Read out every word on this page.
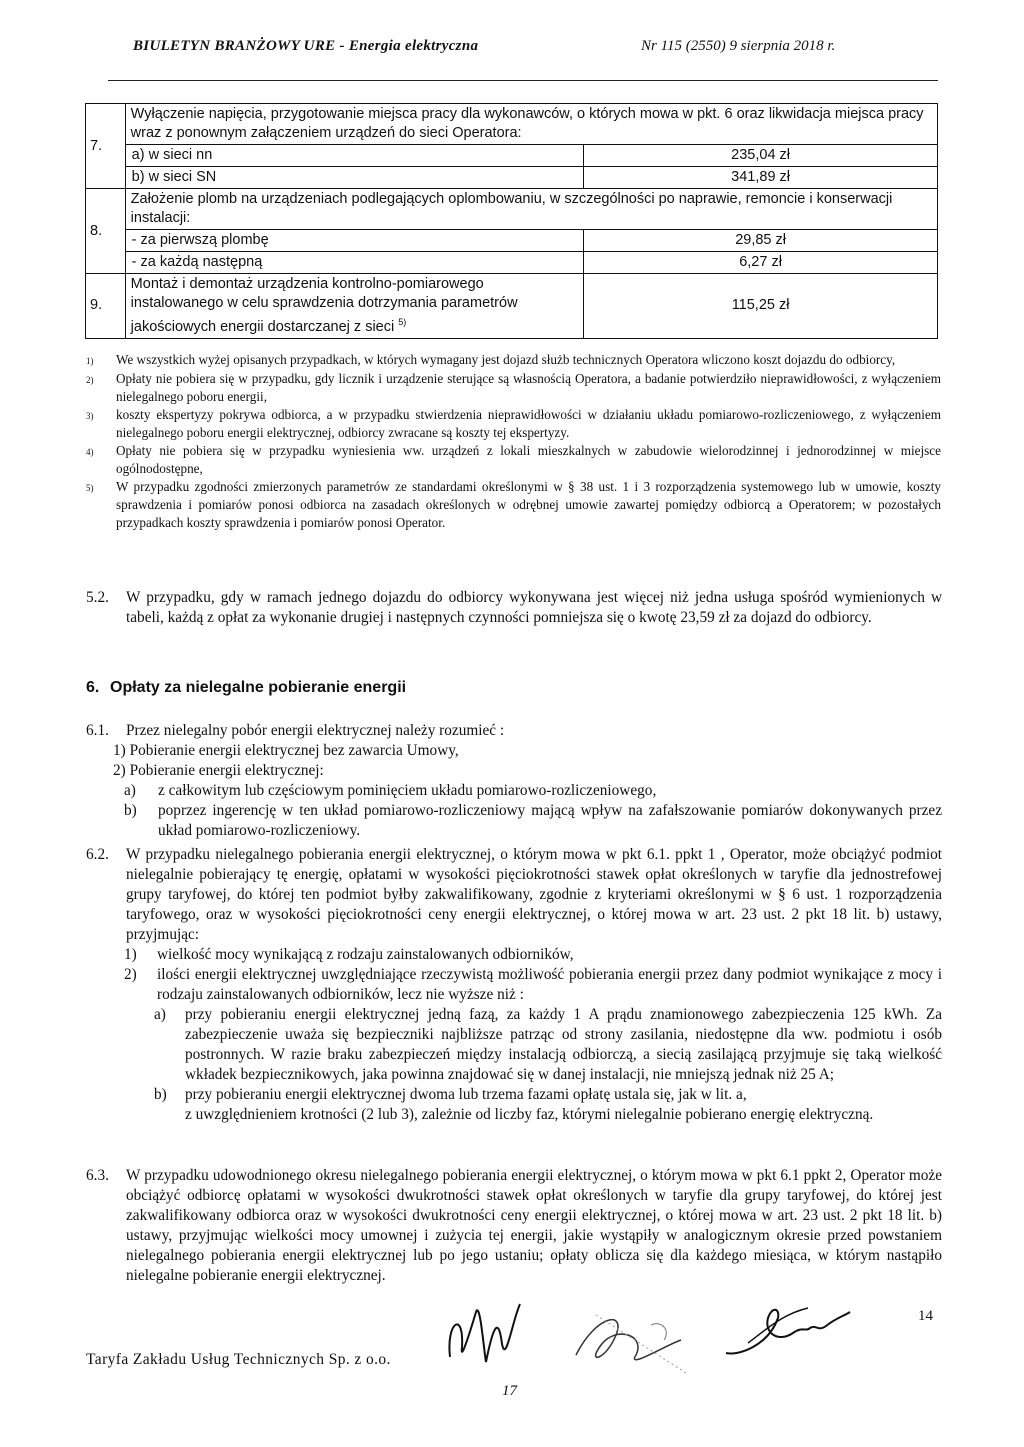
BIULETYN BRANŻOWY URE - Energia elektryczna	Nr 115 (2550) 9 sierpnia 2018 r.
7.	Wyłączenie napięcia, przygotowanie miejsca pracy dla wykonawców, o których mowa w pkt. 6 oraz likwidacja miejsca pracy wraz z ponownym załączeniem urządzeń do sieci Operatora:	
	a) w sieci nn	235,04 zł
	b) w sieci SN	341,89 zł
8.	Założenie plomb na urządzeniach podlegających oplombowaniu, w szczególności po naprawie, remoncie i konserwacji instalacji:	
	- za pierwszą plombę	29,85 zł
	- za każdą następną	6,27 zł
9.	Montaż i demontaż urządzenia kontrolno-pomiarowego instalowanego w celu sprawdzenia dotrzymania parametrów jakościowych energii dostarczanej z sieci $^{5)}$	115,25 zł
1)	We wszystkich wyżej opisanych przypadkach, w których wymagany jest dojazd służb technicznych Operatora wliczono koszt dojazdu do odbiorcy,
2)	Opłaty nie pobiera się w przypadku, gdy licznik i urządzenie sterujące są własnością Operatora, a badanie potwierdziło nieprawidłowości, z wyłączeniem nielegalnego poboru energii,
3)	koszty ekspertyzy pokrywa odbiorca, a w przypadku stwierdzenia nieprawidłowości w działaniu układu pomiarowo-rozliczeniowego, z wyłączeniem nielegalnego poboru energii elektrycznej, odbiorcy zwracane są koszty tej ekspertyzy.
4)	Opłaty nie pobiera się w przypadku wyniesienia ww. urządzeń z lokali mieszkalnych w zabudowie wielorodzinnej i jednorodzinnej w miejsce ogólnodostępne,
5)	W przypadku zgodności zmierzonych parametrów ze standardami określonymi w § 38 ust. 1 i 3 rozporządzenia systemowego lub w umowie, koszty sprawdzenia i pomiarów ponosi odbiorca na zasadach określonych w odrębnej umowie zawartej pomiędzy odbiorcą a Operatorem; w pozostałych przypadkach koszty sprawdzenia i pomiarów ponosi Operator.
5.2.	W przypadku, gdy w ramach jednego dojazdu do odbiorcy wykonywana jest więcej niż jedna usługa spośród wymienionych w tabeli, każdą z opłat za wykonanie drugiej i następnych czynności pomniejsza się o kwotę 23,59 zł za dojazd do odbiorcy.
6. Opłaty za nielegalne pobieranie energii
6.1.	Przez nielegalny pobór energii elektrycznej należy rozumieć :
1) Pobieranie energii elektrycznej bez zawarcia Umowy,
2) Pobieranie energii elektrycznej:
a)	z całkowitym lub częściowym pominięciem układu pomiarowo-rozliczeniowego,
b)	poprzez ingerencję w ten układ pomiarowo-rozliczeniowy mającą wpływ na zafałszowanie pomiarów dokonywanych przez układ pomiarowo-rozliczeniowy.
6.2.	W przypadku nielegalnego pobierania energii elektrycznej, o którym mowa w pkt 6.1. ppkt 1 , Operator, może obciążyć podmiot nielegalnie pobierający tę energię, opłatami w wysokości pięciokrotności stawek opłat określonych w taryfie dla jednostrefowej grupy taryfowej, do której ten podmiot byłby zakwalifikowany, zgodnie z kryteriami określonymi w § 6 ust. 1 rozporządzenia taryfowego, oraz w wysokości pięciokrotności ceny energii elektrycznej, o której mowa w art. 23 ust. 2 pkt 18 lit. b) ustawy, przyjmując:
1)	wielkość mocy wynikającą z rodzaju zainstalowanych odbiorników,
2)	ilości energii elektrycznej uwzględniające rzeczywistą możliwość pobierania energii przez dany podmiot wynikające z mocy i rodzaju zainstalowanych odbiorników, lecz nie wyższe niż :
a)	przy pobieraniu energii elektrycznej jedną fazą, za każdy 1 A prądu znamionowego zabezpieczenia 125 kWh. Za zabezpieczenie uważa się bezpieczniki najbliższe patrząc od strony zasilania, niedostępne dla ww. podmiotu i osób postronnych. W razie braku zabezpieczeń między instalacją odbiorczą, a siecią zasilającą przyjmuje się taką wielkość wkładek bezpiecznikowych, jaka powinna znajdować się w danej instalacji, nie mniejszą jednak niż 25 A;
b)	przy pobieraniu energii elektrycznej dwoma lub trzema fazami opłatę ustala się, jak w lit. a,
z uwzględnieniem krotności (2 lub 3), zależnie od liczby faz, którymi nielegalnie pobierano energię elektryczną.
6.3.	W przypadku udowodnionego okresu nielegalnego pobierania energii elektrycznej, o którym mowa w pkt 6.1 ppkt 2, Operator może obciążyć odbiorcę opłatami w wysokości dwukrotności stawek opłat określonych w taryfie dla grupy taryfowej, do której jest zakwalifikowany odbiorca oraz w wysokości dwukrotności ceny energii elektrycznej, o której mowa w art. 23 ust. 2 pkt 18 lit. b) ustawy, przyjmując wielkości mocy umownej i zużycia tej energii, jakie wystąpiły w analogicznym okresie przed powstaniem nielegalnego pobierania energii elektrycznej lub po jego ustaniu; opłaty oblicza się dla każdego miesiąca, w którym nastąpiło nielegalne pobieranie energii elektrycznej.
Taryfa Zakładu Usług Technicznych Sp. z o.o.
14
17
